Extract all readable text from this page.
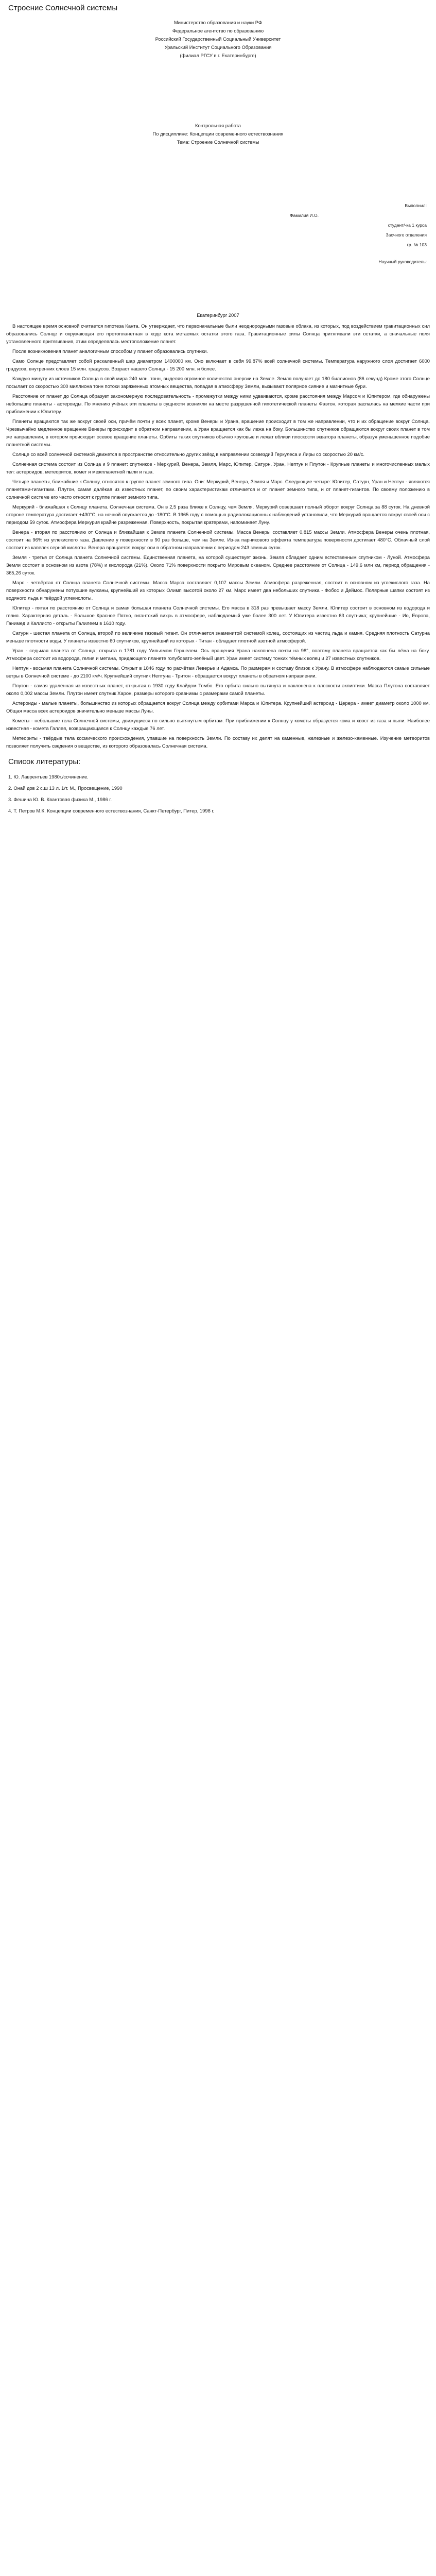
Строение Солнечной системы

Министерство образования и науки РФ

Федеральное агентство по образованию

Российский Государственный Социальный Университет

Уральский Институт Социального Образования

(филиал РГСУ в г. Екатеринбурге)

Контрольная работа

По дисциплине: Концепции современного естествознания

Тема: Строение Солнечной системы

Выполнил:

Фамилия И.О.

студент/-ка 1 курса

Заочного отделения

гр. № 103

Научный руководитель:

Екатеринбург 2007

В настоящее время основной считается гипотеза Канта. Он утверждает, что первоначальные были неоднородными газовые облака, из которых, под воздействием гравитационных сил образовались Солнце и окружающая его протопланетная в ходе кота метаемых остатки этого газа. Гравитационные силы Солнца притягивали эти остатки, а сначальные поля установленного притягивания, этим определялась местоположение планет.

После возникновения планет аналогичным способом у планет образовались спутники.

Само Солнце представляет собой раскаленный шар диаметром 1400000 км. Оно включает в себя 99,87% всей солнечной системы. Температура наружного слоя достигает 6000 градусов, внутренних слоев 15 млн. градусов. Возраст нашего Солнца - 15 200 млн. и более.

Каждую минуту из источников Солнца в свой мира 240 млн. тонн, выделяя огромное количество энергии на Земле. Земля получает до 180 биллионов (86 секунд) Кроме этого Солнце посылает со скоростью 300 миллиона тонн потоки заряженных атомных вещества, попадая в атмосферу Земли, вызывают полярное сияние и магнитные бури.

Расстояние от планет до Солнца образует закономерную последовательность - промежутки между ними удваиваются, кроме расстояния между Марсом и Юпитером, где обнаружены небольшие планеты - астероиды. По мнению учёных эти планеты в сущности возникли на месте разрушенной гипотетической планеты Фаэтон, которая распалась на мелкие части при приближении к Юпитеру.

Планеты вращаются так же вокруг своей оси, причём почти у всех планет, кроме Венеры и Урана, вращение происходит в том же направлении, что и их обращение вокруг Солнца. Чрезвычайно медленное вращение Венеры происходит в обратном направлении, а Уран вращается как бы лежа на боку. Большинство спутников обращаются вокруг своих планет в том же направлении, в котором происходит осевое вращение планеты. Орбиты таких спутников обычно круговые и лежат вблизи плоскости экватора планеты, образуя уменьшенное подобие планетной системы.

Солнце со всей солнечной системой движется в пространстве относительно других звёзд в направлении созвездий Геркулеса и Лиры со скоростью 20 км/с.

Солнечная система состоит из Солнца и 9 планет: спутников - Меркурий, Венера, Земля, Марс, Юпитер, Сатурн, Уран, Нептун и Плутон - Крупные планеты и многочисленных малых тел: астероидов, метеоритов, комет и межпланетной пыли и газа.

Четыре планеты, ближайшие к Солнцу, относятся к группе планет земного типа. Они: Меркурий, Венера, Земля и Марс. Следующие четыре: Юпитер, Сатурн, Уран и Нептун - являются планетами-гигантами. Плутон, самая далёкая из известных планет, по своим характеристикам отличается и от планет земного типа, и от планет-гигантов. По своему положению в солнечной системе его часто относят к группе планет земного типа.

Меркурий - ближайшая к Солнцу планета. Солнечная система. Он в 2,5 раза ближе к Солнцу, чем Земля. Меркурий совершает полный оборот вокруг Солнца за 88 суток. На дневной стороне температура достигает +430°С, на ночной опускается до -180°С. В 1965 году с помощью радиолокационных наблюдений установили, что Меркурий вращается вокруг своей оси с периодом 59 суток. Атмосфера Меркурия крайне разреженная. Поверхность, покрытая кратерами, напоминает Луну.

Венера - вторая по расстоянию от Солнца и ближайшая к Земле планета Солнечной системы. Масса Венеры составляет 0,815 массы Земли. Атмосфера Венеры очень плотная, состоит на 96% из углекислого газа. Давление у поверхности в 90 раз больше, чем на Земле. Из-за парникового эффекта температура поверхности достигает 480°С. Облачный слой состоит из капелек серной кислоты. Венера вращается вокруг оси в обратном направлении с периодом 243 земных суток.

Земля - третья от Солнца планета Солнечной системы. Единственная планета, на которой существует жизнь. Земля обладает одним естественным спутником - Луной. Атмосфера Земли состоит в основном из азота (78%) и кислорода (21%). Около 71% поверхности покрыто Мировым океаном. Среднее расстояние от Солнца - 149,6 млн км, период обращения - 365,26 суток.

Марс - четвёртая от Солнца планета Солнечной системы. Масса Марса составляет 0,107 массы Земли. Атмосфера разреженная, состоит в основном из углекислого газа. На поверхности обнаружены потухшие вулканы, крупнейший из которых Олимп высотой около 27 км. Марс имеет два небольших спутника - Фобос и Деймос. Полярные шапки состоят из водяного льда и твёрдой углекислоты.

Юпитер - пятая по расстоянию от Солнца и самая большая планета Солнечной системы. Его масса в 318 раз превышает массу Земли. Юпитер состоит в основном из водорода и гелия. Характерная деталь - Большое Красное Пятно, гигантский вихрь в атмосфере, наблюдаемый уже более 300 лет. У Юпитера известно 63 спутника; крупнейшие - Ио, Европа, Ганимед и Каллисто - открыты Галилеем в 1610 году.

Сатурн - шестая планета от Солнца, второй по величине газовый гигант. Он отличается знаменитой системой колец, состоящих из частиц льда и камня. Средняя плотность Сатурна меньше плотности воды. У планеты известно 60 спутников, крупнейший из которых - Титан - обладает плотной азотной атмосферой.

Уран - седьмая планета от Солнца, открыта в 1781 году Уильямом Гершелем. Ось вращения Урана наклонена почти на 98°, поэтому планета вращается как бы лёжа на боку. Атмосфера состоит из водорода, гелия и метана, придающего планете голубовато-зелёный цвет. Уран имеет систему тонких тёмных колец и 27 известных спутников.

Нептун - восьмая планета Солнечной системы. Открыт в 1846 году по расчётам Леверье и Адамса. По размерам и составу близок к Урану. В атмосфере наблюдаются самые сильные ветры в Солнечной системе - до 2100 км/ч. Крупнейший спутник Нептуна - Тритон - обращается вокруг планеты в обратном направлении.

Плутон - самая удалённая из известных планет, открытая в 1930 году Клайдом Томбо. Его орбита сильно вытянута и наклонена к плоскости эклиптики. Масса Плутона составляет около 0,002 массы Земли. Плутон имеет спутник Харон, размеры которого сравнимы с размерами самой планеты.

Астероиды - малые планеты, большинство из которых обращается вокруг Солнца между орбитами Марса и Юпитера. Крупнейший астероид - Церера - имеет диаметр около 1000 км. Общая масса всех астероидов значительно меньше массы Луны.

Кометы - небольшие тела Солнечной системы, движущиеся по сильно вытянутым орбитам. При приближении к Солнцу у кометы образуется кома и хвост из газа и пыли. Наиболее известная - комета Галлея, возвращающаяся к Солнцу каждые 76 лет.

Метеориты - твёрдые тела космического происхождения, упавшие на поверхность Земли. По составу их делят на каменные, железные и железо-каменные. Изучение метеоритов позволяет получить сведения о веществе, из которого образовалась Солнечная система.

Список литературы:

1. Ю. Лаврентьев 1980г./сочинение.

2. Онай дов 2 с.ш 13 л. 1/т. М., Просвещение, 1990

3. Фешина Ю. В. Квантовая физика М., 1986 г.

4. Т. Петров М.К. Концепции современного естествознания, Санкт-Петербург, Питер, 1998 г.
